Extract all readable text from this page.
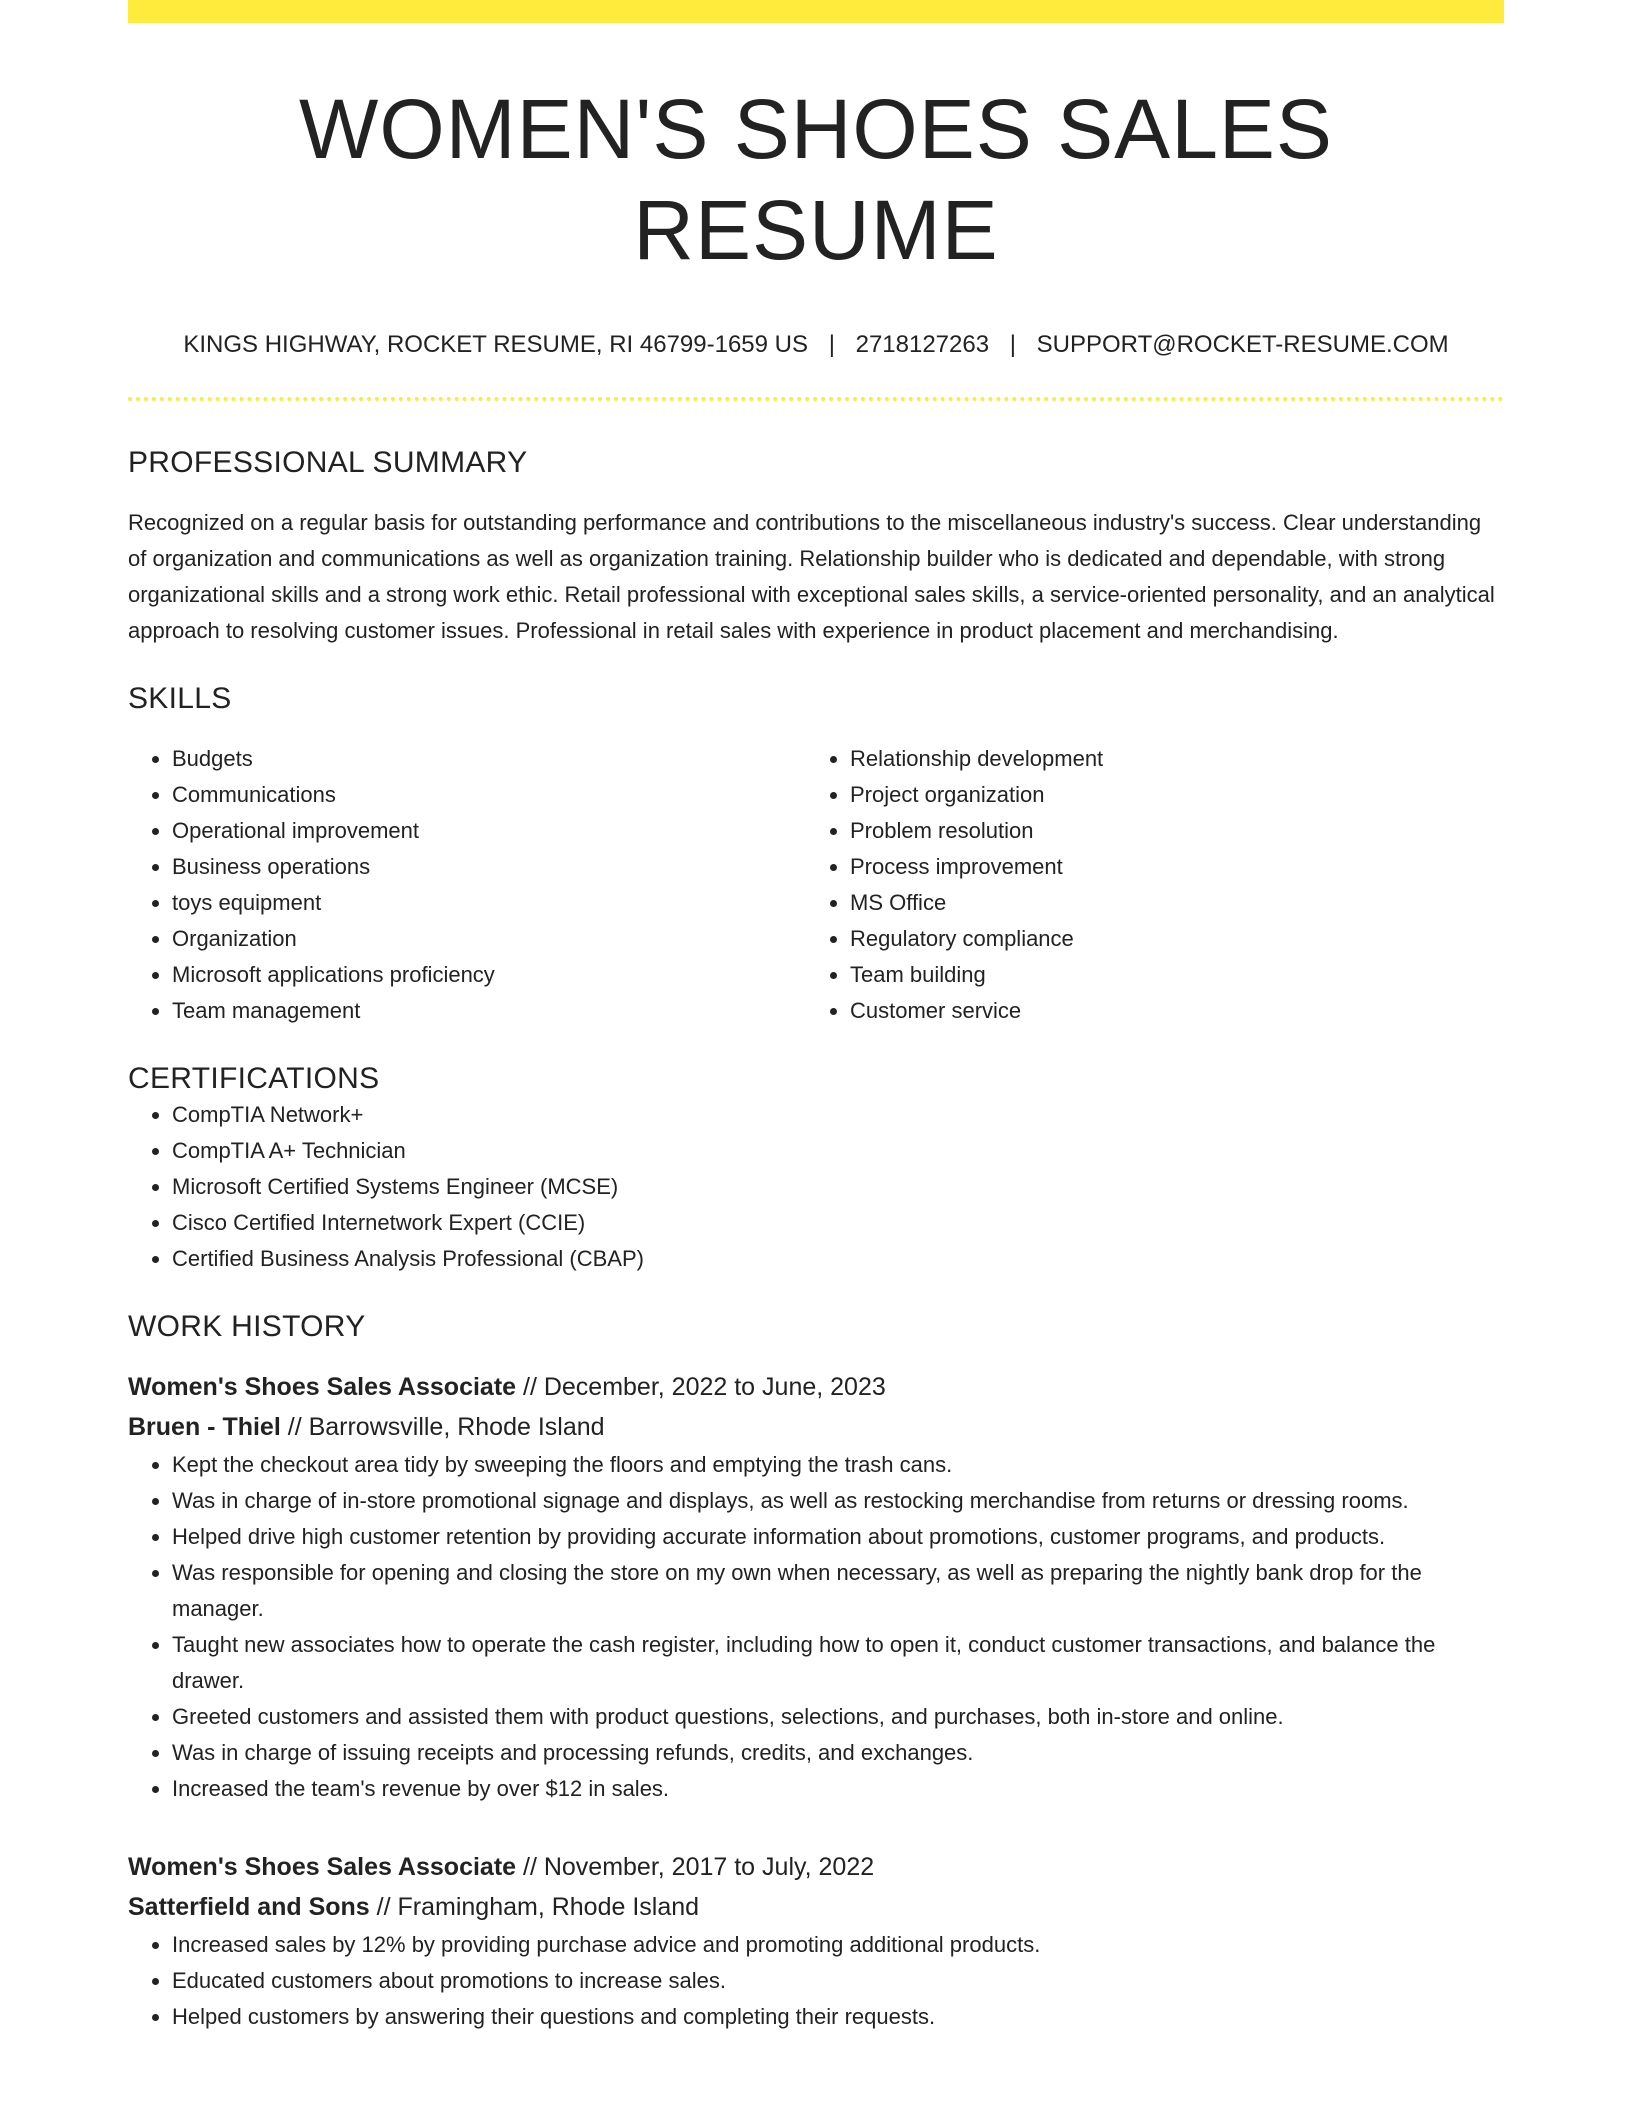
WOMEN'S SHOES SALES RESUME
KINGS HIGHWAY, ROCKET RESUME, RI 46799-1659 US | 2718127263 | SUPPORT@ROCKET-RESUME.COM
PROFESSIONAL SUMMARY

Recognized on a regular basis for outstanding performance and contributions to the miscellaneous industry's success. Clear understanding of organization and communications as well as organization training. Relationship builder who is dedicated and dependable, with strong organizational skills and a strong work ethic. Retail professional with exceptional sales skills, a service-oriented personality, and an analytical approach to resolving customer issues. Professional in retail sales with experience in product placement and merchandising.

SKILLS
• Budgets
• Communications
• Operational improvement
• Business operations
• toys equipment
• Organization
• Microsoft applications proficiency
• Team management
• Relationship development
• Project organization
• Problem resolution
• Process improvement
• MS Office
• Regulatory compliance
• Team building
• Customer service
CERTIFICATIONS
• CompTIA Network+
• CompTIA A+ Technician
• Microsoft Certified Systems Engineer (MCSE)
• Cisco Certified Internetwork Expert (CCIE)
• Certified Business Analysis Professional (CBAP)
WORK HISTORY
Women's Shoes Sales Associate // December, 2022 to June, 2023
Bruen - Thiel // Barrowsville, Rhode Island
• Kept the checkout area tidy by sweeping the floors and emptying the trash cans.
• Was in charge of in-store promotional signage and displays, as well as restocking merchandise from returns or dressing rooms.
• Helped drive high customer retention by providing accurate information about promotions, customer programs, and products.
• Was responsible for opening and closing the store on my own when necessary, as well as preparing the nightly bank drop for the manager.
• Taught new associates how to operate the cash register, including how to open it, conduct customer transactions, and balance the drawer.
• Greeted customers and assisted them with product questions, selections, and purchases, both in-store and online.
• Was in charge of issuing receipts and processing refunds, credits, and exchanges.
• Increased the team's revenue by over $12 in sales.
Women's Shoes Sales Associate // November, 2017 to July, 2022
Satterfield and Sons // Framingham, Rhode Island
• Increased sales by 12% by providing purchase advice and promoting additional products.
• Educated customers about promotions to increase sales.
• Helped customers by answering their questions and completing their requests.
